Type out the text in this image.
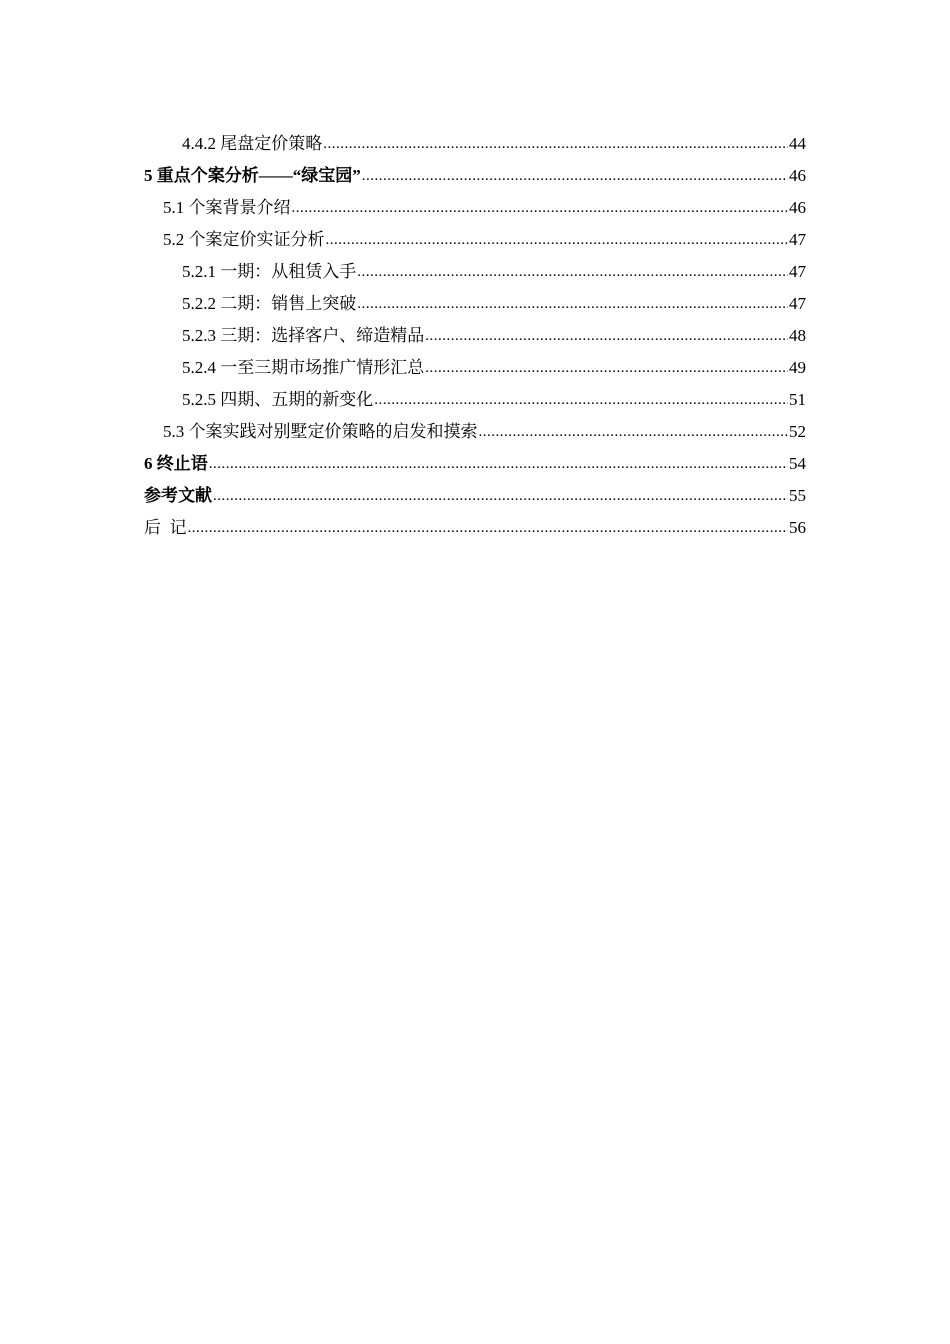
4.4.2 尾盘定价策略 .....	44
5 重点个案分析——“绿宝园” .....	46
5.1 个案背景介绍 .....	46
5.2 个案定价实证分析 .....	47
5.2.1 一期：从租赁入手 .....	47
5.2.2 二期：销售上突破 .....	47
5.2.3 三期：选择客户、缔造精品 .....	48
5.2.4 一至三期市场推广情形汇总 .....	49
5.2.5 四期、五期的新变化 .....	51
5.3 个案实践对别墅定价策略的启发和摸索 .....	52
6 终止语 .....	54
参考文献 .....	55
后  记 .....	56
